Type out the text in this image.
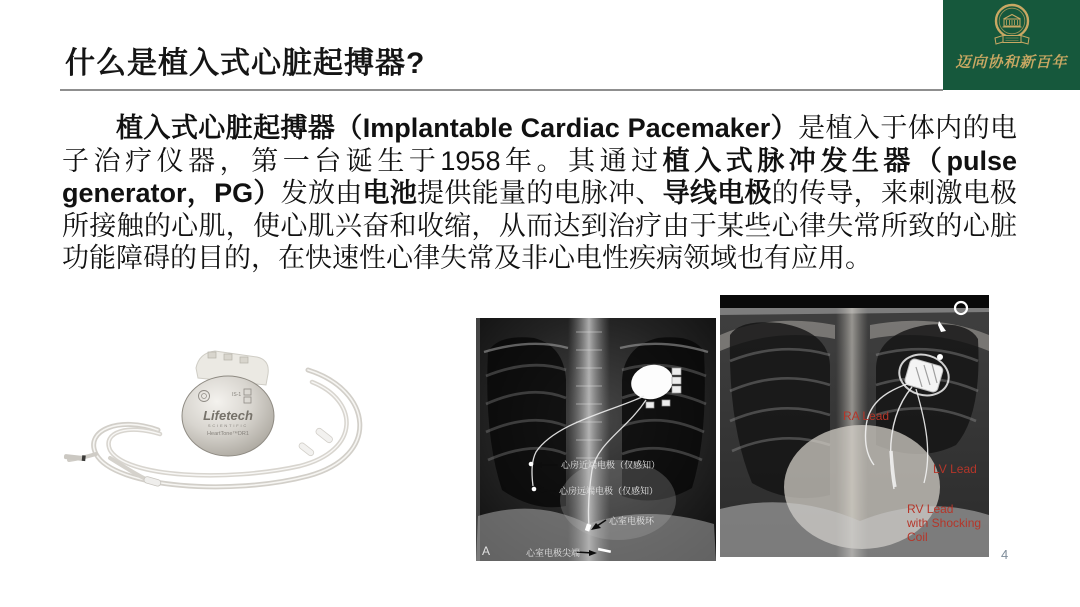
什么是植入式心脏起搏器?	迈向协和新百年

植入式心脏起搏器（Implantable Cardiac Pacemaker）是植入于体内的电子治疗仪器，第一台诞生于1958年。其通过植入式脉冲发生器（pulse generator，PG）发放由电池提供能量的电脉冲、导线电极的传导，来刺激电极所接触的心肌，使心肌兴奋和收缩，从而达到治疗由于某些心律失常所致的心脏功能障碍的目的，在快速性心律失常及非心电性疾病领域也有应用。

IS-1
Lifetech
SCIENTIFIC
HeartTone™DR1
心房近端电极（仅感知）
心房远端电极（仅感知）
心室电极环
心室电极尖端
A
RA Lead
LV Lead
RV Lead
with Shocking
Coil
4
